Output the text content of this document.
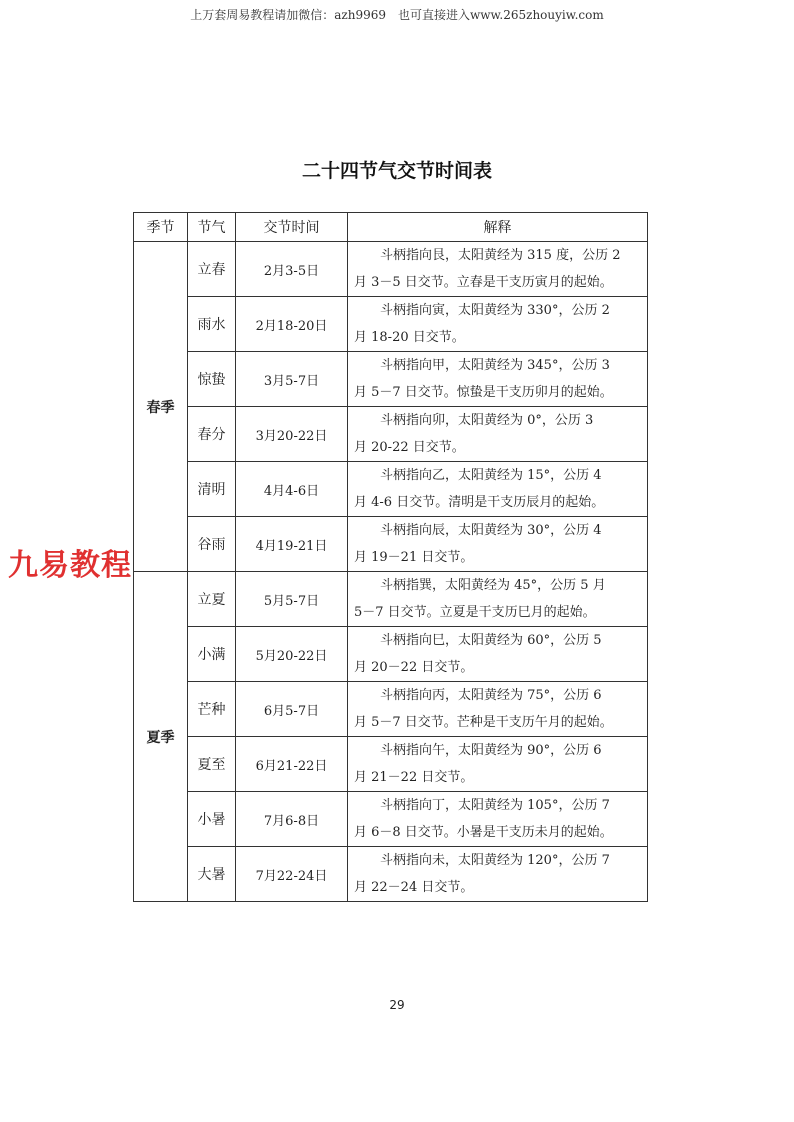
上万套周易教程请加微信：azh9969　也可直接进入www.265zhouyiw.com
二十四节气交节时间表
九易教程
季节	节气	交节时间	解释
春季	立春	2月3-5日	斗柄指向艮，太阳黄经为 315 度，公历 2
月 3－5 日交节。立春是干支历寅月的起始。

	雨水	2月18-20日	斗柄指向寅，太阳黄经为 330°，公历 2
月 18-20 日交节。

	惊蛰	3月5-7日	斗柄指向甲，太阳黄经为 345°，公历 3
月 5－7 日交节。惊蛰是干支历卯月的起始。

	春分	3月20-22日	斗柄指向卯，太阳黄经为 0°，公历 3
月 20-22 日交节。

	清明	4月4-6日	斗柄指向乙，太阳黄经为 15°，公历 4
月 4-6 日交节。清明是干支历辰月的起始。

	谷雨	4月19-21日	斗柄指向辰，太阳黄经为 30°，公历 4
月 19－21 日交节。

夏季	立夏	5月5-7日	斗柄指巽，太阳黄经为 45°，公历 5 月
5－7 日交节。立夏是干支历巳月的起始。

	小满	5月20-22日	斗柄指向巳，太阳黄经为 60°，公历 5
月 20－22 日交节。

	芒种	6月5-7日	斗柄指向丙，太阳黄经为 75°，公历 6
月 5－7 日交节。芒种是干支历午月的起始。

	夏至	6月21-22日	斗柄指向午，太阳黄经为 90°，公历 6
月 21－22 日交节。

	小暑	7月6-8日	斗柄指向丁，太阳黄经为 105°，公历 7
月 6－8 日交节。小暑是干支历未月的起始。

	大暑	7月22-24日	斗柄指向未，太阳黄经为 120°，公历 7
月 22－24 日交节。
29
